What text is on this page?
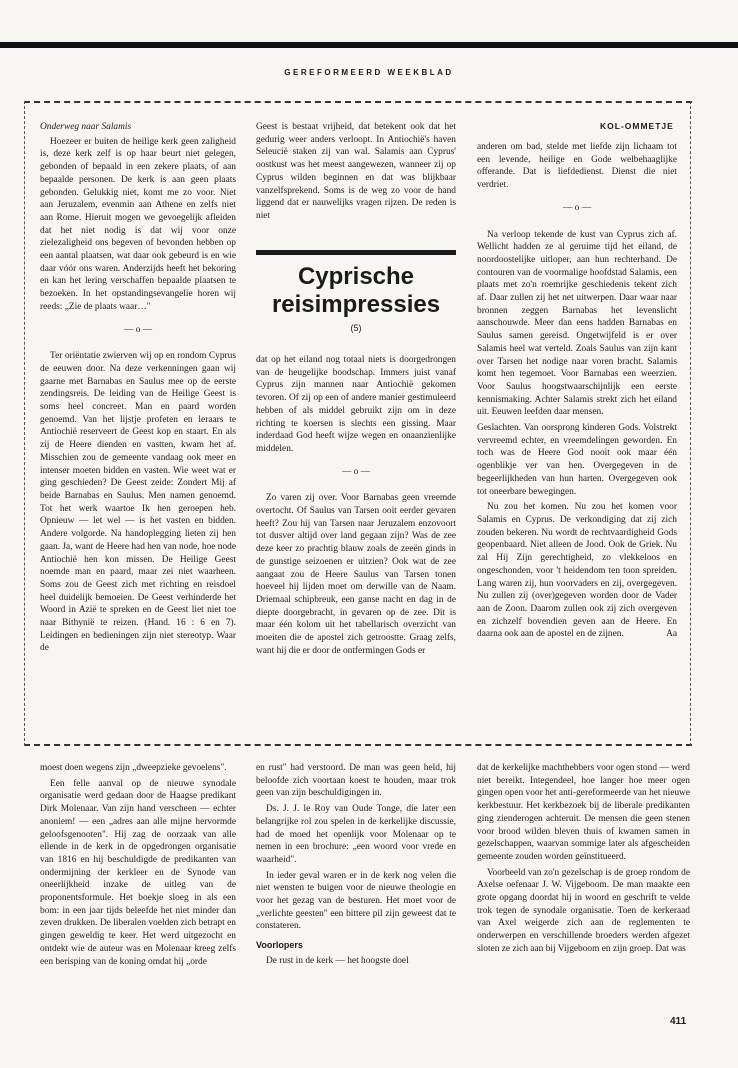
GEREFORMEERD WEEKBLAD

Onderweg naar Salamis

Hoezeer er buiten de heilige kerk geen zaligheid is, deze kerk zelf is op haar beurt niet gelegen, gebonden of bepaald in een zekere plaats, of aan bepaalde personen. De kerk is aan geen plaats gebonden. Gelukkig niet, komt me zo voor. Niet aan Jeruzalem, evenmin aan Athene en zelfs niet aan Rome. Hieruit mogen we gevoegelijk afleiden dat het niet nodig is dat wij voor onze zielezaligheid ons begeven of bevonden hebben op een aantal plaatsen, wat daar ook gebeurd is en wie daar vóór ons waren. Anderzijds heeft het bekoring en kan het lering verschaffen bepaalde plaatsen te bezoeken. In het opstandingsevangelie horen wij reeds: „Zie de plaats waar…"

— o —

Ter oriëntatie zwierven wij op en rondom Cyprus de eeuwen door. Na deze verkenningen gaan wij gaarne met Barnabas en Saulus mee op de eerste zendingsreis. De leiding van de Heilige Geest is soms heel concreet. Man en paard worden genoemd. Van het lijstje profeten en leraars te Antiochië reserveert de Geest kop en staart. En als zij de Heere dienden en vastten, kwam het af. Misschien zou de gemeente vandaag ook meer en intenser moeten bidden en vasten. Wie weet wat er ging geschieden? De Geest zeide: Zondert Mij af beide Barnabas en Saulus. Men namen genoemd. Tot het werk waartoe Ik hen geroepen heb. Opnieuw — let wel — is het vasten en bidden. Andere volgorde. Na handoplegging lieten zij hen gaan. Ja, want de Heere had hen van node, hoe node Antiochië hen kon missen. De Heilige Geest noemde man en paard, maar zei niet waarheen. Soms zou de Geest zich met richting en reisdoel heel duidelijk bemoeien. De Geest verhinderde het Woord in Azië te spreken en de Geest liet niet toe naar Bithynië te reizen. (Hand. 16 : 6 en 7). Leidingen en bedieningen zijn niet stereotyp. Waar de

Geest is bestaat vrijheid, dat betekent ook dat het gedurig weer anders verloopt. In Antiochië's haven Seleucië staken zij van wal. Salamis aan Cyprus' oostkust was het meest aangewezen, wanneer zij op Cyprus wilden beginnen en dat was blijkbaar vanzelfsprekend. Soms is de weg zo voor de hand liggend dat er nauwelijks vragen rijzen. De reden is niet

Cyprische
reisimpressies
(5)

dat op het eiland nog totaal niets is doorgedrongen van de heugelijke boodschap. Immers juist vanaf Cyprus zijn mannen naar Antiochië gekomen tevoren. Of zij op een of andere manier gestimuleerd hebben of als middel gebruikt zijn om in deze richting te koersen is slechts een gissing. Maar inderdaad God heeft wijze wegen en onaanzienlijke middelen.

— o —

Zo varen zij over. Voor Barnabas geen vreemde overtocht. Of Saulus van Tarsen ooit eerder gevaren heeft? Zou hij van Tarsen naar Jeruzalem enzovoort tot dusver altijd over land gegaan zijn? Was de zee deze keer zo prachtig blauw zoals de zeeën ginds in de gunstige seizoenen er uitzien? Ook wat de zee aangaat zou de Heere Saulus van Tarsen tonen hoeveel hij lijden moet om derwille van de Naam. Driemaal schipbreuk, een ganse nacht en dag in de diepte doorgebracht, in gevaren op de zee. Dit is maar één kolom uit het tabellarisch overzicht van moeiten die de apostel zich getroostte. Graag zelfs, want hij die er door de ontfermingen Gods er

KOL-OMMETJE

anderen om bad, stelde met liefde zijn lichaam tot een levende, heilige en Gode welbehaaglijke offerande. Dat is liefdedienst. Dienst die niet verdriet.

— o —

Na verloop tekende de kust van Cyprus zich af. Wellicht hadden ze al geruime tijd het eiland, de noordoostelijke uitloper, aan hun rechterhand. De contouren van de voormalige hoofdstad Salamis, een plaats met zo'n roemrijke geschiedenis tekent zich af. Daar zullen zij het net uitwerpen. Daar waar naar bronnen zeggen Barnabas het levenslicht aanschouwde. Meer dan eens hadden Barnabas en Saulus samen gereisd. Ongetwijfeld is er over Salamis heel wat verteld. Zoals Saulus van zijn kant over Tarsen het nodige naar voren bracht. Salamis komt hen tegemoet. Voor Barnabas een weerzien. Voor Saulus hoogstwaarschijnlijk een eerste kennismaking. Achter Salamis strekt zich het eiland uit. Eeuwen leefden daar mensen.

Geslachten. Van oorsprong kinderen Gods. Volstrekt vervreemd echter, en vreemdelingen geworden. En toch was de Heere God nooit ook maar één ogenblikje ver van hen. Overgegeven in de begeerlijkheden van hun harten. Overgegeven ook tot oneerbare bewegingen.

Nu zou het komen. Nu zou het komen voor Salamis en Cyprus. De verkondiging dat zij zich zouden bekeren. Nu wordt de rechtvaardigheid Gods geopenbaard. Niet alleen de Jood. Ook de Griek. Nu zal Hij Zijn gerechtigheid, zo vlekkeloos en ongeschonden, voor 't heidendom ten toon spreiden. Lang waren zij, hun voorvaders en zij, overgegeven. Nu zullen zij (over)gegeven worden door de Vader aan de Zoon. Daarom zullen ook zij zich overgeven en zichzelf bovendien geven aan de Heere. En daarna ook aan de apostel en de zijnen.	Aa

moest doen wegens zijn „dweepzieke gevoelens".

Een felle aanval op de nieuwe synodale organisatie werd gedaan door de Haagse predikant Dirk Molenaar. Van zijn hand verscheen — echter anoniem! — een „adres aan alle mijne hervormde geloofsgenooten". Hij zag de oorzaak van alle ellende in de kerk in de opgedrongen organisatie van 1816 en hij beschuldigde de predikanten van ondermijning der kerkleer en de Synode van oneerlijkheid inzake de uitleg van de proponentsformule. Het boekje sloeg in als een bom: in een jaar tijds beleefde het niet minder dan zeven drukken. De liberalen voelden zich betrapt en gingen geweldig te keer. Het werd uitgezocht en ontdekt wie de auteur was en Molenaar kreeg zelfs een berisping van de koning omdat hij „orde

en rust" had verstoord. De man was geen held, hij beloofde zich voortaan koest te houden, maar trok geen van zijn beschuldigingen in.

Ds. J. J. le Roy van Oude Tonge, die later een belangrijke rol zou spelen in de kerkelijke discussie, had de moed het openlijk voor Molenaar op te nemen in een brochure: „een woord voor vrede en waarheid".

In ieder geval waren er in de kerk nog velen die niet wensten te buigen voor de nieuwe theologie en voor het gezag van de besturen. Het moet voor de „verlichte geesten" een bittere pil zijn geweest dat te constateren.

Voorlopers

De rust in de kerk — het hoogste doel

dat de kerkelijke machthebbers voor ogen stond — werd niet bereikt. Integendeel, hoe langer hoe meer ogen gingen open voor het anti-gereformeerde van het nieuwe kerkbestuur. Het kerkbezoek bij de liberale predikanten ging zienderogen achteruit. De mensen die geen stenen voor brood wilden bleven thuis of kwamen samen in gezelschappen, waarvan sommige later als afgescheiden gemeente zouden worden geïnstitueerd.

Voorbeeld van zo'n gezelschap is de groep rondom de Axelse oefenaar J. W. Vijgeboom. De man maakte een grote opgang doordat hij in woord en geschrift te velde trok tegen de synodale organisatie. Toen de kerkeraad van Axel weigerde zich aan de reglementen te onderwerpen en verschillende broeders werden afgezet sloten ze zich aan bij Vijgeboom en zijn groep. Dat was

411
